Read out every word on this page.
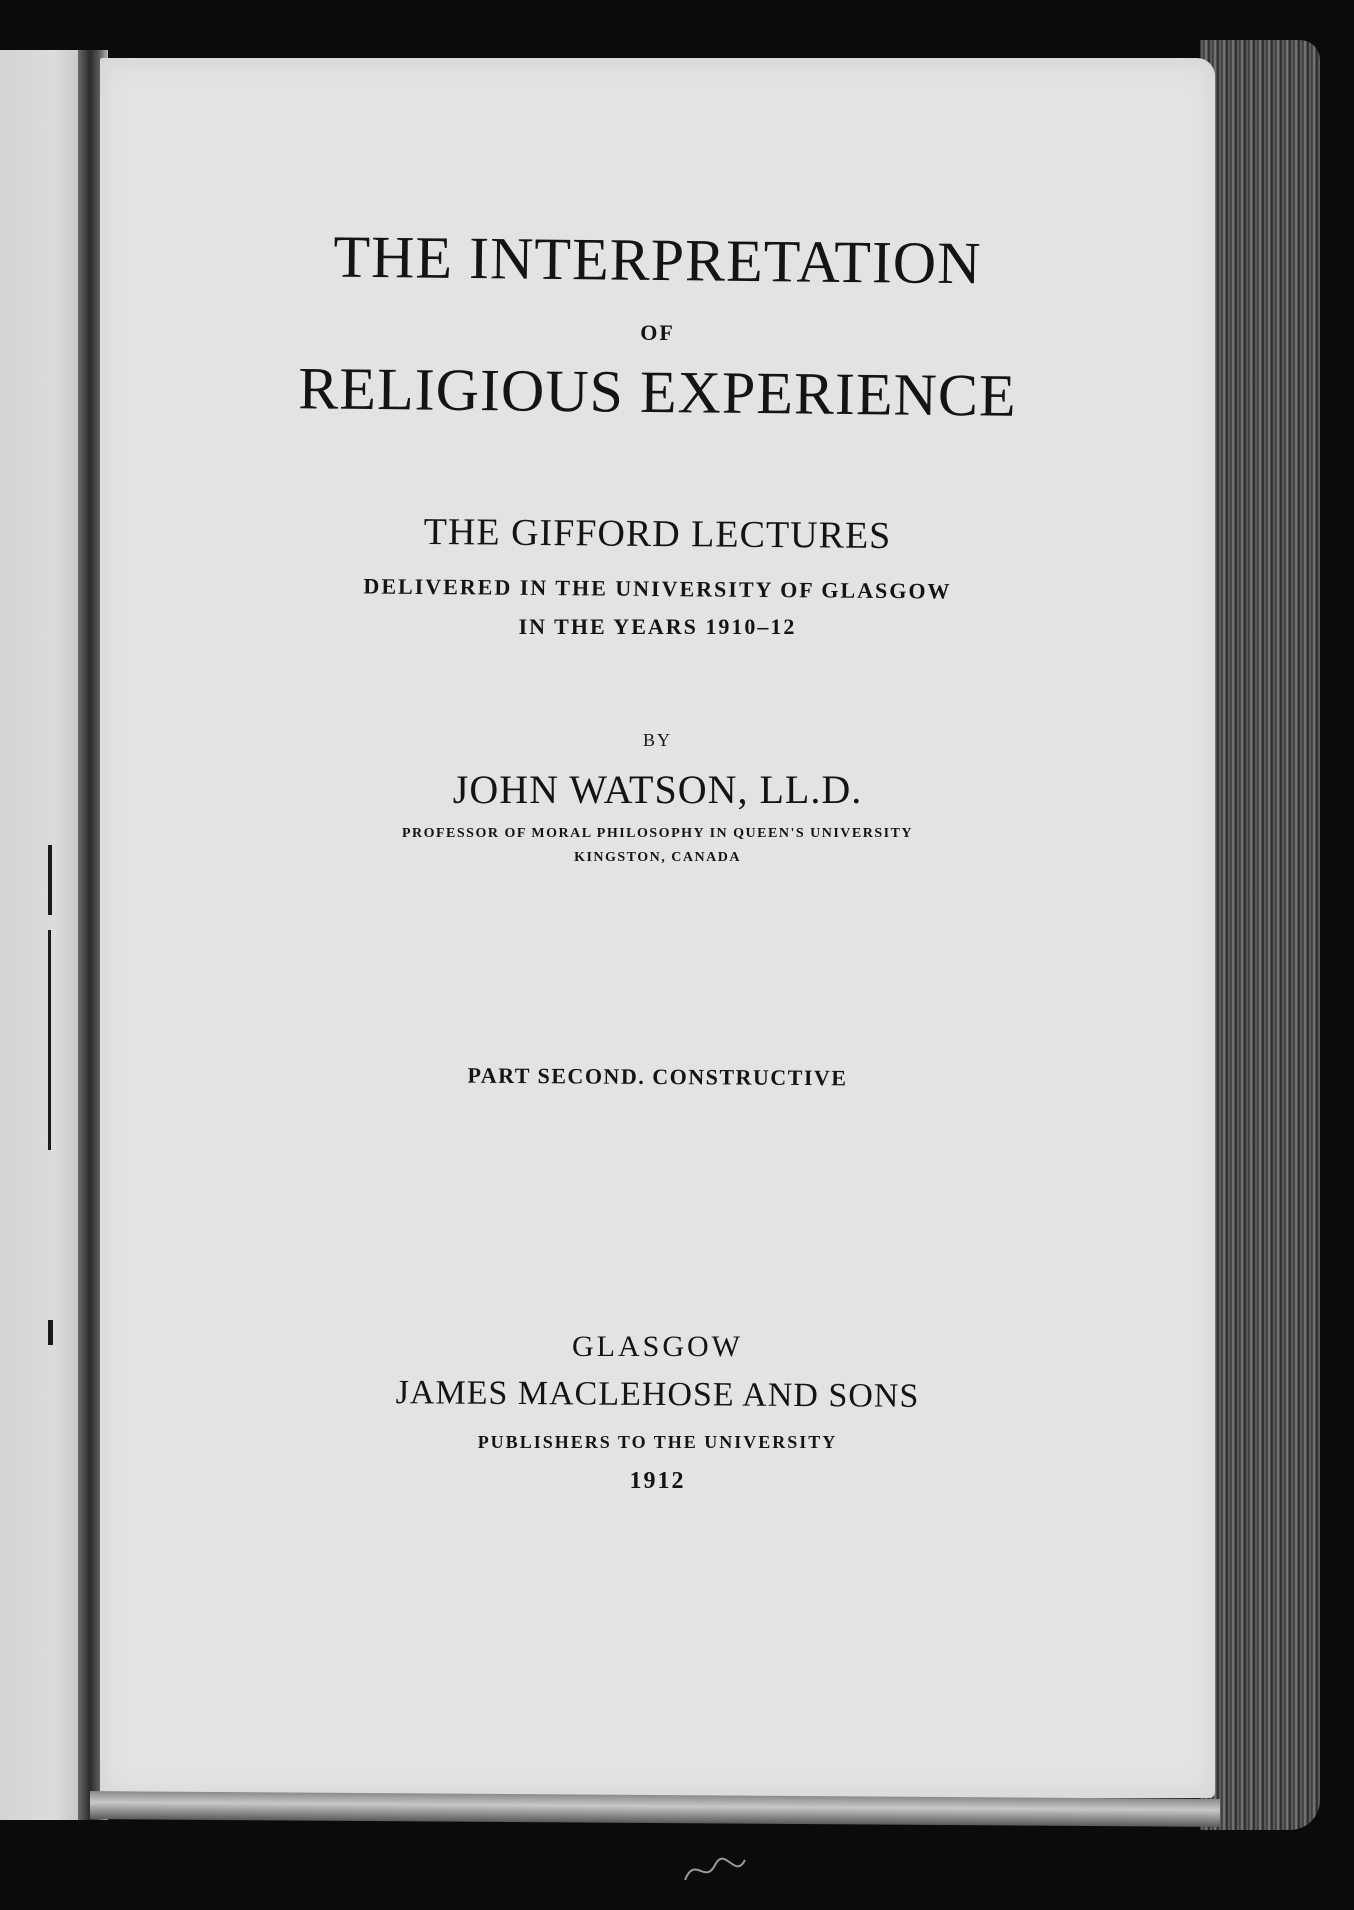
THE INTERPRETATION
OF
RELIGIOUS EXPERIENCE
THE GIFFORD LECTURES
DELIVERED IN THE UNIVERSITY OF GLASGOW
IN THE YEARS 1910–12
BY
JOHN WATSON, LL.D.
PROFESSOR OF MORAL PHILOSOPHY IN QUEEN'S UNIVERSITY
KINGSTON, CANADA
PART SECOND. CONSTRUCTIVE
GLASGOW
JAMES MACLEHOSE AND SONS
PUBLISHERS TO THE UNIVERSITY
1912
